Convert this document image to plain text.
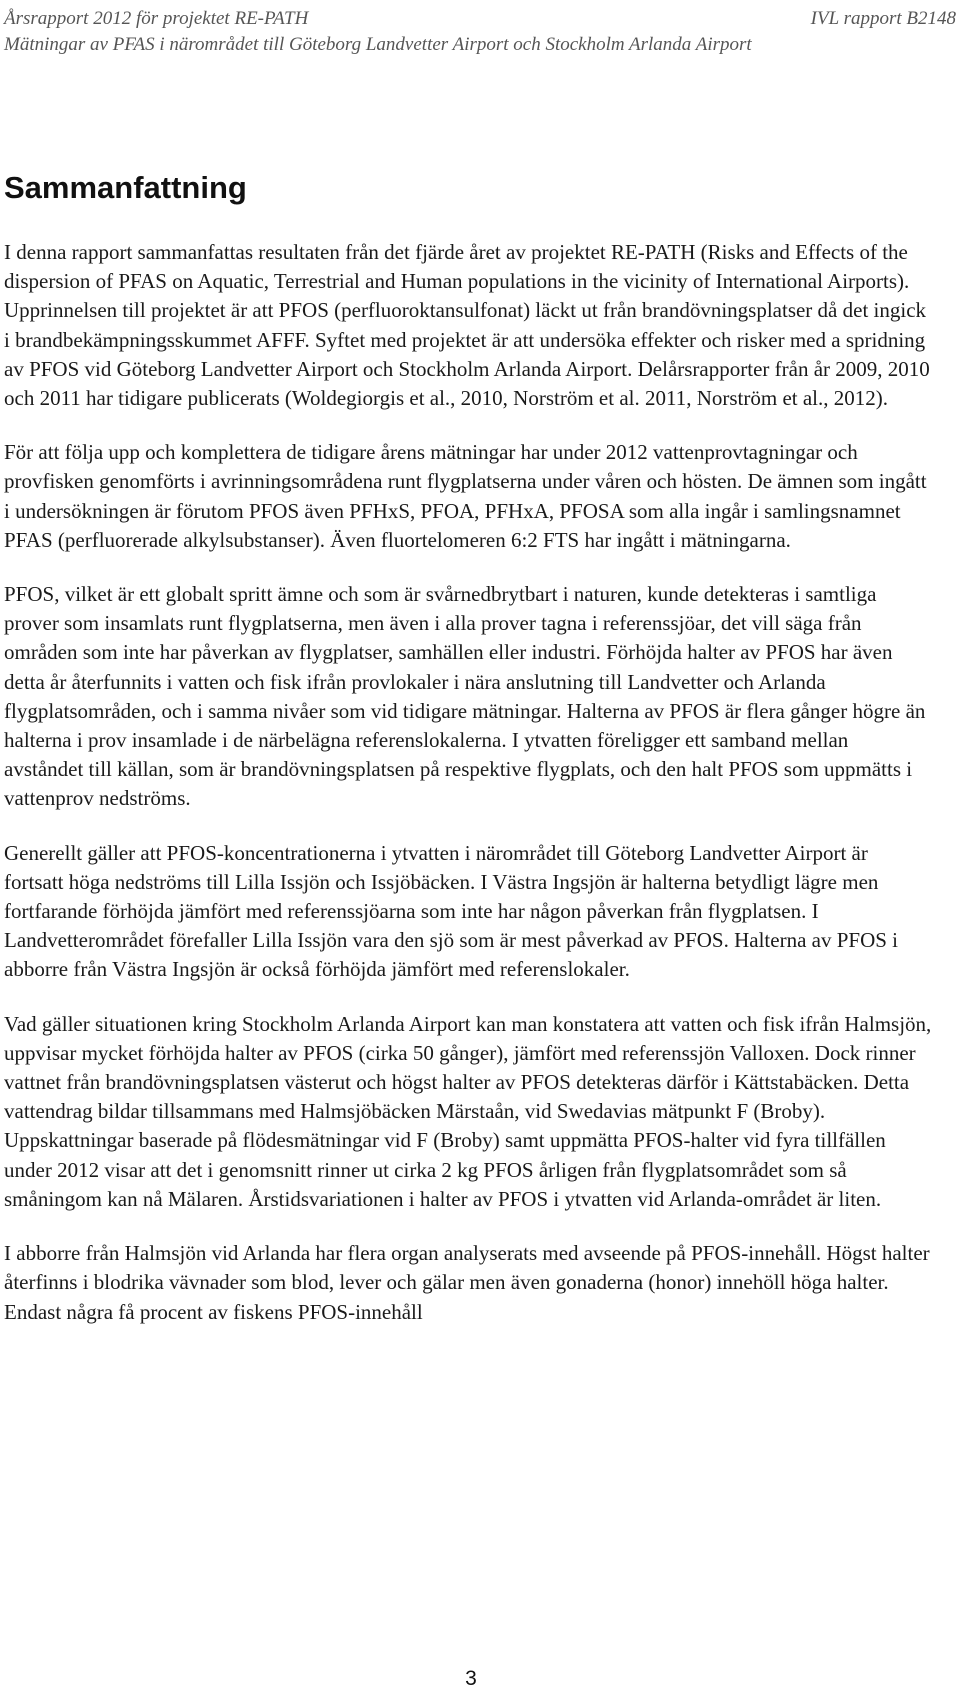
Årsrapport 2012 för projektet RE-PATH	IVL rapport B2148
Mätningar av PFAS i närområdet till Göteborg Landvetter Airport och Stockholm Arlanda Airport
Sammanfattning

I denna rapport sammanfattas resultaten från det fjärde året av projektet RE-PATH (Risks and Effects of the dispersion of PFAS on Aquatic, Terrestrial and Human populations in the vicinity of International Airports). Upprinnelsen till projektet är att PFOS (perfluoroktansulfonat) läckt ut från brandövningsplatser då det ingick i brandbekämpningsskummet AFFF. Syftet med projektet är att undersöka effekter och risker med a spridning av PFOS vid Göteborg Landvetter Airport och Stockholm Arlanda Airport. Delårsrapporter från år 2009, 2010 och 2011 har tidigare publicerats (Woldegiorgis et al., 2010, Norström et al. 2011, Norström et al., 2012).

För att följa upp och komplettera de tidigare årens mätningar har under 2012 vattenprovtagningar och provfisken genomförts i avrinningsområdena runt flygplatserna under våren och hösten. De ämnen som ingått i undersökningen är förutom PFOS även PFHxS, PFOA, PFHxA, PFOSA som alla ingår i samlingsnamnet PFAS (perfluorerade alkylsubstanser). Även fluortelomeren 6:2 FTS har ingått i mätningarna.

PFOS, vilket är ett globalt spritt ämne och som är svårnedbrytbart i naturen, kunde detekteras i samtliga prover som insamlats runt flygplatserna, men även i alla prover tagna i referenssjöar, det vill säga från områden som inte har påverkan av flygplatser, samhällen eller industri. Förhöjda halter av PFOS har även detta år återfunnits i vatten och fisk ifrån provlokaler i nära anslutning till Landvetter och Arlanda flygplatsområden, och i samma nivåer som vid tidigare mätningar. Halterna av PFOS är flera gånger högre än halterna i prov insamlade i de närbelägna referenslokalerna. I ytvatten föreligger ett samband mellan avståndet till källan, som är brandövningsplatsen på respektive flygplats, och den halt PFOS som uppmätts i vattenprov nedströms.

Generellt gäller att PFOS-koncentrationerna i ytvatten i närområdet till Göteborg Landvetter Airport är fortsatt höga nedströms till Lilla Issjön och Issjöbäcken. I Västra Ingsjön är halterna betydligt lägre men fortfarande förhöjda jämfört med referenssjöarna som inte har någon påverkan från flygplatsen. I Landvetterområdet förefaller Lilla Issjön vara den sjö som är mest påverkad av PFOS. Halterna av PFOS i abborre från Västra Ingsjön är också förhöjda jämfört med referenslokaler.

Vad gäller situationen kring Stockholm Arlanda Airport kan man konstatera att vatten och fisk ifrån Halmsjön, uppvisar mycket förhöjda halter av PFOS (cirka 50 gånger), jämfört med referenssjön Valloxen. Dock rinner vattnet från brandövningsplatsen västerut och högst halter av PFOS detekteras därför i Kättstabäcken. Detta vattendrag bildar tillsammans med Halmsjöbäcken Märstaån, vid Swedavias mätpunkt F (Broby). Uppskattningar baserade på flödesmätningar vid F (Broby) samt uppmätta PFOS-halter vid fyra tillfällen under 2012 visar att det i genomsnitt rinner ut cirka 2 kg PFOS årligen från flygplatsområdet som så småningom kan nå Mälaren. Årstidsvariationen i halter av PFOS i ytvatten vid Arlanda-området är liten.

I abborre från Halmsjön vid Arlanda har flera organ analyserats med avseende på PFOS-innehåll. Högst halter återfinns i blodrika vävnader som blod, lever och gälar men även gonaderna (honor) innehöll höga halter. Endast några få procent av fiskens PFOS-innehåll

3
